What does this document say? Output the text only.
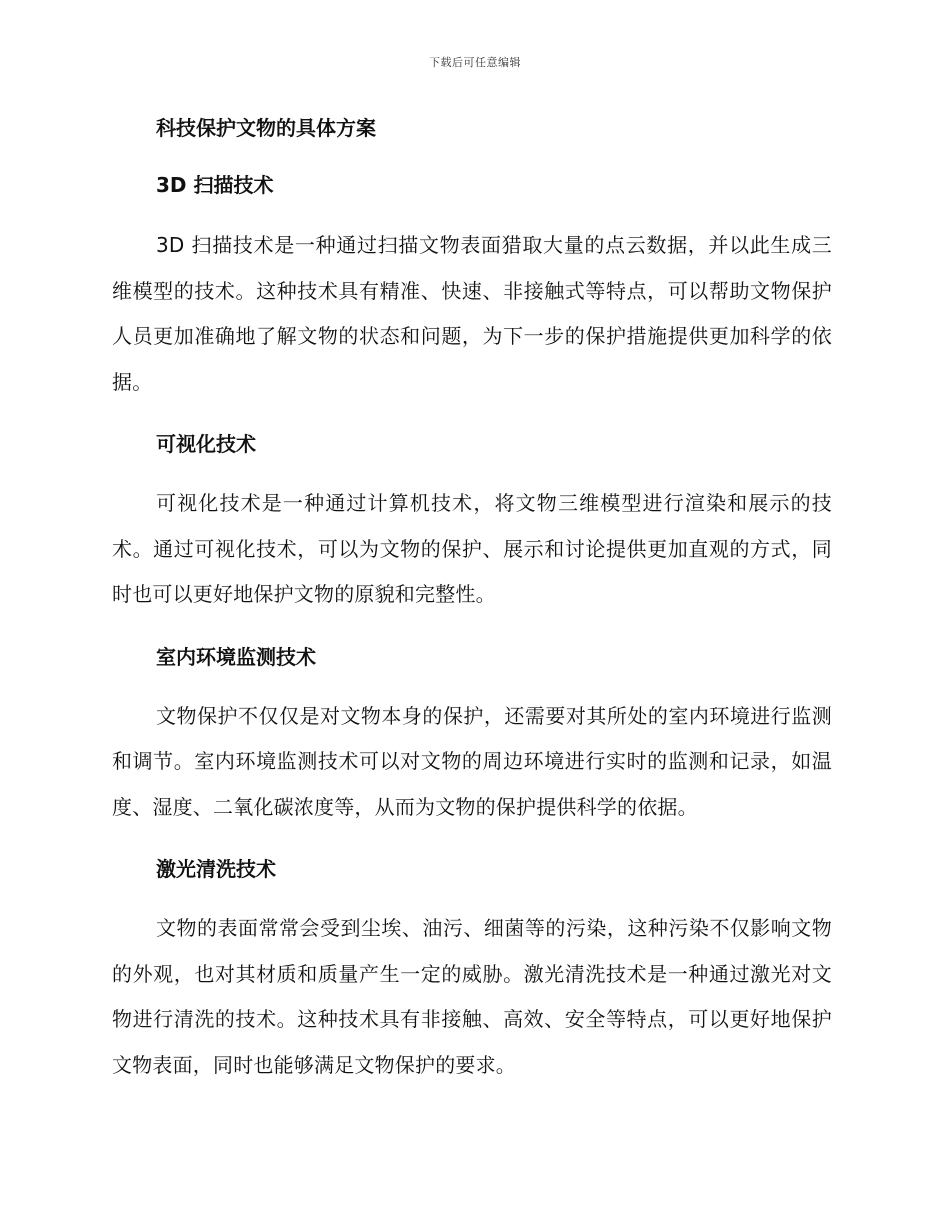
下载后可任意编辑
科技保护文物的具体方案
3D 扫描技术

3D 扫描技术是一种通过扫描文物表面猎取大量的点云数据，并以此生成三维模型的技术。这种技术具有精准、快速、非接触式等特点，可以帮助文物保护人员更加准确地了解文物的状态和问题，为下一步的保护措施提供更加科学的依据。

可视化技术

可视化技术是一种通过计算机技术，将文物三维模型进行渲染和展示的技术。通过可视化技术，可以为文物的保护、展示和讨论提供更加直观的方式，同时也可以更好地保护文物的原貌和完整性。

室内环境监测技术

文物保护不仅仅是对文物本身的保护，还需要对其所处的室内环境进行监测和调节。室内环境监测技术可以对文物的周边环境进行实时的监测和记录，如温度、湿度、二氧化碳浓度等，从而为文物的保护提供科学的依据。

激光清洗技术

文物的表面常常会受到尘埃、油污、细菌等的污染，这种污染不仅影响文物的外观，也对其材质和质量产生一定的威胁。激光清洗技术是一种通过激光对文物进行清洗的技术。这种技术具有非接触、高效、安全等特点，可以更好地保护文物表面，同时也能够满足文物保护的要求。
